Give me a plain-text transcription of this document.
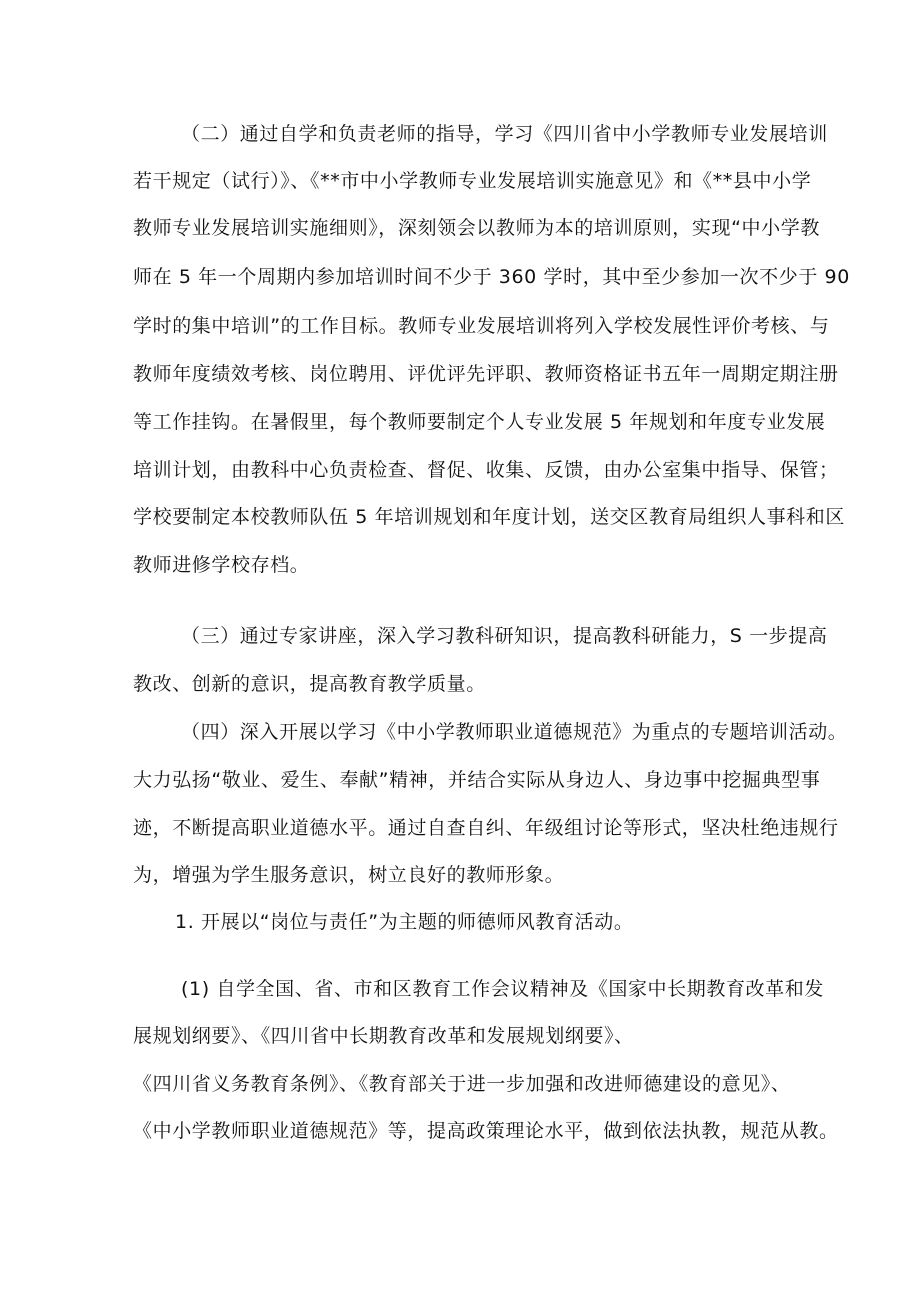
（二）通过自学和负责老师的指导，学习《四川省中小学教师专业发展培训
若干规定（试行）》、《**市中小学教师专业发展培训实施意见》和《**县中小学
教师专业发展培训实施细则》，深刻领会以教师为本的培训原则，实现“中小学教
师在 5 年一个周期内参加培训时间不少于 360 学时，其中至少参加一次不少于 90
学时的集中培训”的工作目标。教师专业发展培训将列入学校发展性评价考核、与
教师年度绩效考核、岗位聘用、评优评先评职、教师资格证书五年一周期定期注册
等工作挂钩。在暑假里，每个教师要制定个人专业发展 5 年规划和年度专业发展
培训计划，由教科中心负责检查、督促、收集、反馈，由办公室集中指导、保管；
学校要制定本校教师队伍 5 年培训规划和年度计划，送交区教育局组织人事科和区
教师进修学校存档。
（三）通过专家讲座，深入学习教科研知识，提高教科研能力，S 一步提高
教改、创新的意识，提高教育教学质量。
（四）深入开展以学习《中小学教师职业道德规范》为重点的专题培训活动。
大力弘扬“敬业、爱生、奉献”精神，并结合实际从身边人、身边事中挖掘典型事
迹，不断提高职业道德水平。通过自查自纠、年级组讨论等形式，坚决杜绝违规行
为，增强为学生服务意识，树立良好的教师形象。
1. 开展以“岗位与责任”为主题的师德师风教育活动。
(1) 自学全国、省、市和区教育工作会议精神及《国家中长期教育改革和发
展规划纲要》、《四川省中长期教育改革和发展规划纲要》、
《四川省义务教育条例》、《教育部关于进一步加强和改进师德建设的意见》、
《中小学教师职业道德规范》等，提高政策理论水平，做到依法执教，规范从教。
